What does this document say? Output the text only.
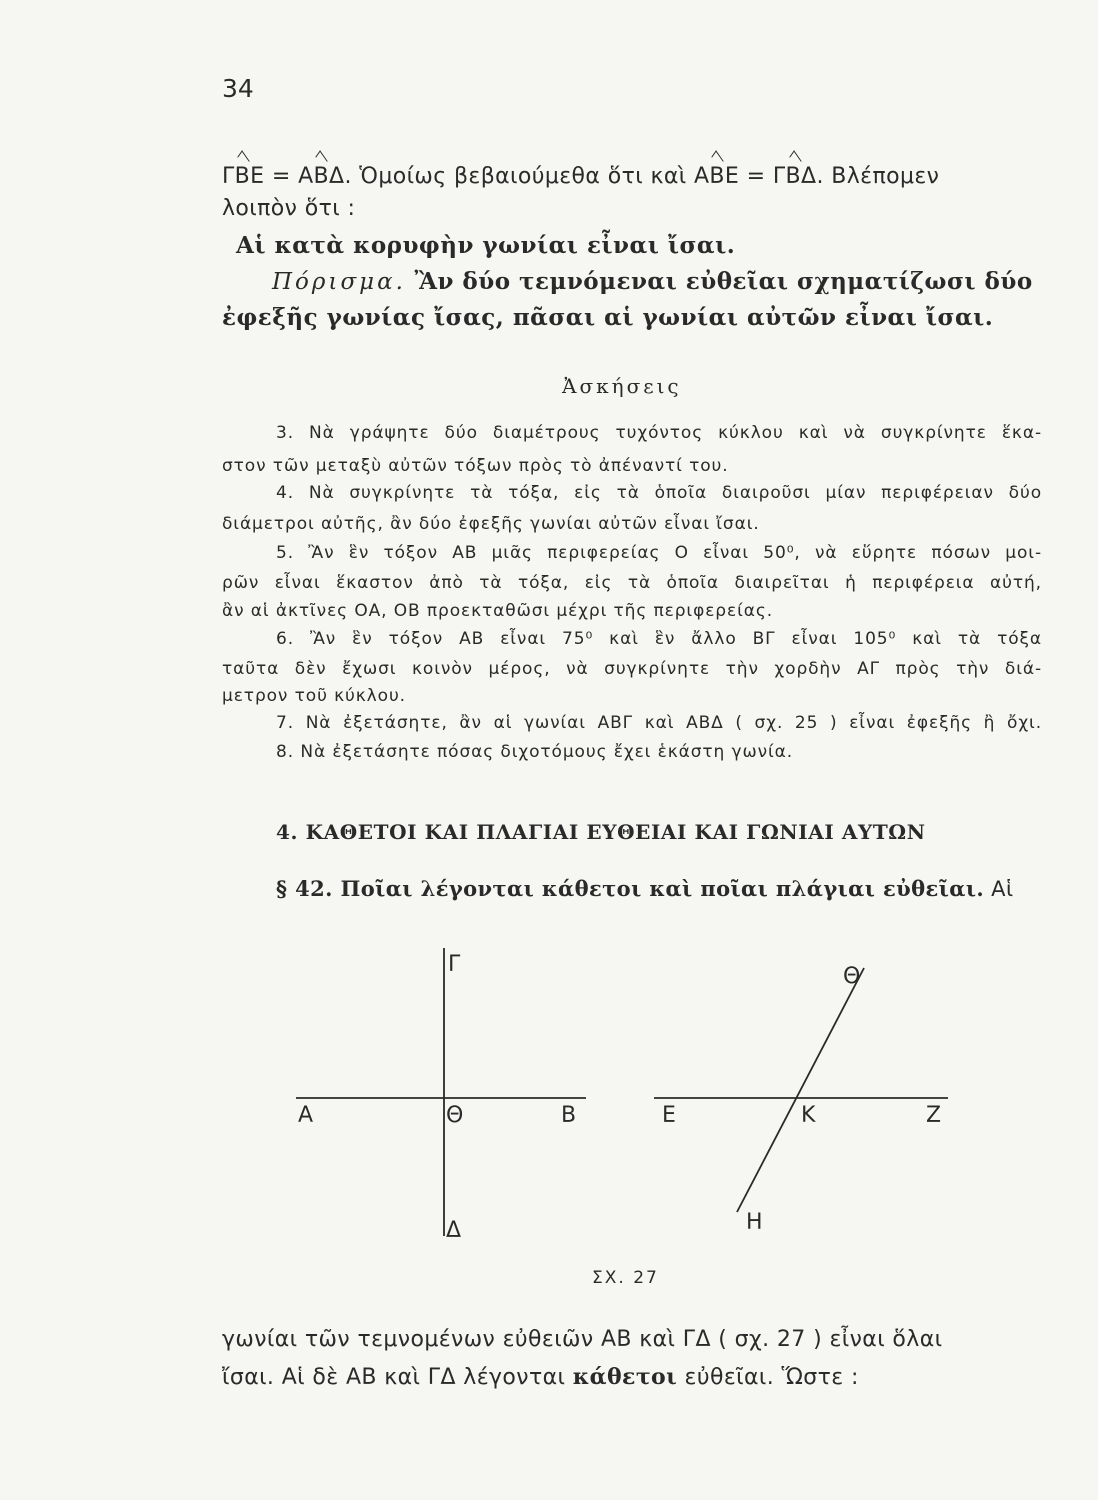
34
ΓΒΕ = ΑΒΔ. Ὁμοίως βεβαιούμεθα ὅτι καὶ ΑΒΕ = ΓΒΔ. Βλέπομεν
λοιπὸν ὅτι :
Αἱ κατὰ κορυφὴν γωνίαι εἶναι ἴσαι.
Πόρισμα. Ἂν δύο τεμνόμεναι εὐθεῖαι σχηματίζωσι δύο
ἐφεξῆς γωνίας ἴσας, πᾶσαι αἱ γωνίαι αὐτῶν εἶναι ἴσαι.
Ἀσκήσεις
3. Νὰ γράψητε δύο διαμέτρους τυχόντος κύκλου καὶ νὰ συγκρίνητε ἕκα-
στον τῶν μεταξὺ αὐτῶν τόξων πρὸς τὸ ἀπέναντί του.
4. Νὰ συγκρίνητε τὰ τόξα, εἰς τὰ ὁποῖα διαιροῦσι μίαν περιφέρειαν δύο
διάμετροι αὐτῆς, ἂν δύο ἐφεξῆς γωνίαι αὐτῶν εἶναι ἴσαι.
5. Ἂν ἓν τόξον ΑΒ μιᾶς περιφερείας Ο εἶναι 50⁰, νὰ εὕρητε πόσων μοι-
ρῶν εἶναι ἕκαστον ἀπὸ τὰ τόξα, εἰς τὰ ὁποῖα διαιρεῖται ἡ περιφέρεια αὐτή,
ἂν αἱ ἀκτῖνες ΟΑ, ΟΒ προεκταθῶσι μέχρι τῆς περιφερείας.
6. Ἂν ἓν τόξον ΑΒ εἶναι 75⁰ καὶ ἓν ἄλλο ΒΓ εἶναι 105⁰ καὶ τὰ τόξα
ταῦτα δὲν ἔχωσι κοινὸν μέρος, νὰ συγκρίνητε τὴν χορδὴν ΑΓ πρὸς τὴν διά-
μετρον τοῦ κύκλου.
7. Νὰ ἐξετάσητε, ἂν αἱ γωνίαι ΑΒΓ καὶ ΑΒΔ ( σχ. 25 ) εἶναι ἐφεξῆς ἢ ὄχι.
8. Νὰ ἐξετάσητε πόσας διχοτόμους ἔχει ἑκάστη γωνία.
4. ΚΑΘΕΤΟΙ ΚΑΙ ΠΛΑΓΙΑΙ ΕΥΘΕΙΑΙ ΚΑΙ ΓΩΝΙΑΙ ΑΥΤΩΝ
§ 42. Ποῖαι λέγονται κάθετοι καὶ ποῖαι πλάγιαι εὐθεῖαι. Αἱ
Γ
Α	Θ	Β
Δ
Θ
Ε	Κ	Ζ
Η
ΣΧ. 27
γωνίαι τῶν τεμνομένων εὐθειῶν ΑΒ καὶ ΓΔ ( σχ. 27 ) εἶναι ὅλαι
ἴσαι. Αἱ δὲ ΑΒ καὶ ΓΔ λέγονται κάθετοι εὐθεῖαι. Ὥστε :
